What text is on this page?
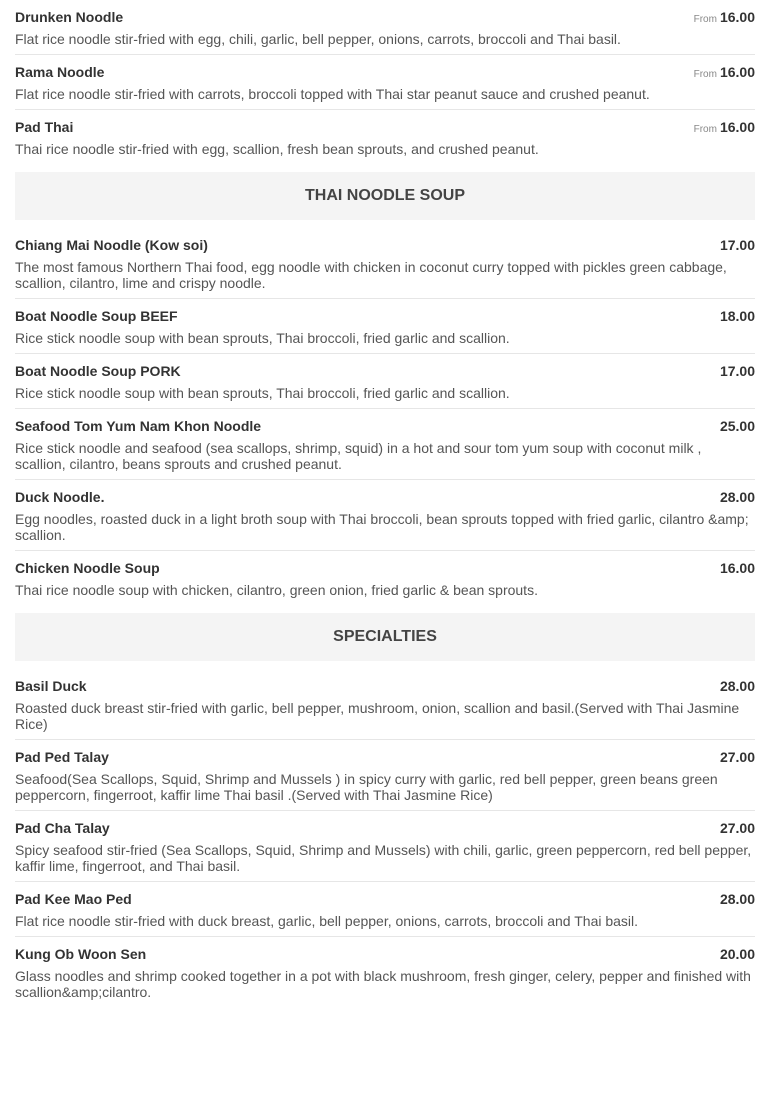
Drunken Noodle	From 16.00
Flat rice noodle stir-fried with egg, chili, garlic, bell pepper, onions, carrots, broccoli and Thai basil.
Rama Noodle	From 16.00
Flat rice noodle stir-fried with carrots, broccoli topped with Thai star peanut sauce and crushed peanut.
Pad Thai	From 16.00
Thai rice noodle stir-fried with egg, scallion, fresh bean sprouts, and crushed peanut.
THAI NOODLE SOUP
Chiang Mai Noodle (Kow soi)	17.00
The most famous Northern Thai food, egg noodle with chicken in coconut curry topped with pickles green cabbage, scallion, cilantro, lime and crispy noodle.
Boat Noodle Soup BEEF	18.00
Rice stick noodle soup with bean sprouts, Thai broccoli, fried garlic and scallion.
Boat Noodle Soup PORK	17.00
Rice stick noodle soup with bean sprouts, Thai broccoli, fried garlic and scallion.
Seafood Tom Yum Nam Khon Noodle	25.00
Rice stick noodle and seafood (sea scallops, shrimp, squid) in a hot and sour tom yum soup with coconut milk , scallion, cilantro, beans sprouts and crushed peanut.
Duck Noodle.	28.00
Egg noodles, roasted duck in a light broth soup with Thai broccoli, bean sprouts topped with fried garlic, cilantro &amp; scallion.
Chicken Noodle Soup	16.00
Thai rice noodle soup with chicken, cilantro, green onion, fried garlic & bean sprouts.
SPECIALTIES
Basil Duck	28.00
Roasted duck breast stir-fried with garlic, bell pepper, mushroom, onion, scallion and basil.(Served with Thai Jasmine Rice)
Pad Ped Talay	27.00
Seafood(Sea Scallops, Squid, Shrimp and Mussels ) in spicy curry with garlic, red bell pepper, green beans green peppercorn, fingerroot, kaffir lime Thai basil .(Served with Thai Jasmine Rice)
Pad Cha Talay	27.00
Spicy seafood stir-fried (Sea Scallops, Squid, Shrimp and Mussels) with chili, garlic, green peppercorn, red bell pepper, kaffir lime, fingerroot, and Thai basil.
Pad Kee Mao Ped	28.00
Flat rice noodle stir-fried with duck breast, garlic, bell pepper, onions, carrots, broccoli and Thai basil.
Kung Ob Woon Sen	20.00
Glass noodles and shrimp cooked together in a pot with black mushroom, fresh ginger, celery, pepper and finished with scallion&amp;cilantro.
